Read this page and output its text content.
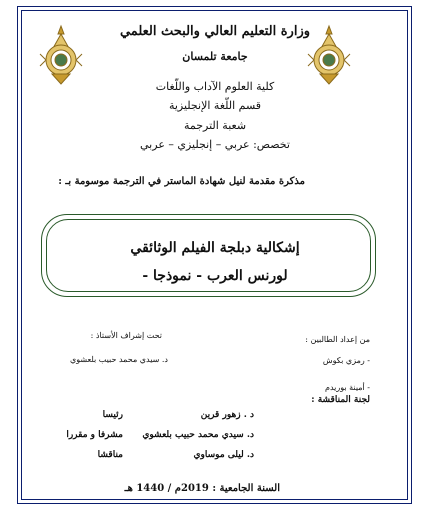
وزارة التعليم العالي والبحث العلمي
جامعة تلمسان
كلية العلوم الآداب واللّغات
قسم اللّغة الإنجليزية
شعبة الترجمة
تخصص: عربي – إنجليزي – عربي
مذكرة مقدمة لنيل شهادة الماستر في الترجمة موسومة بـ :
إشكالية دبلجة الفيلم الوثائقي
لورنس العرب - نموذجا -
من إعداد الطالبين :
- رمزي بكوش
- أمينة بوريدم
تحت إشراف الأستاذ :
د. سيدي محمد حبيب بلعشوي
لجنة المناقشة :
د . زهور قرين
رئيسا
د. سيدي محمد حبيب بلعشوي
مشرفا و مقررا
د. ليلى موساوي
مناقشا
السنة الجامعية : 2019م / 1440 هـ
